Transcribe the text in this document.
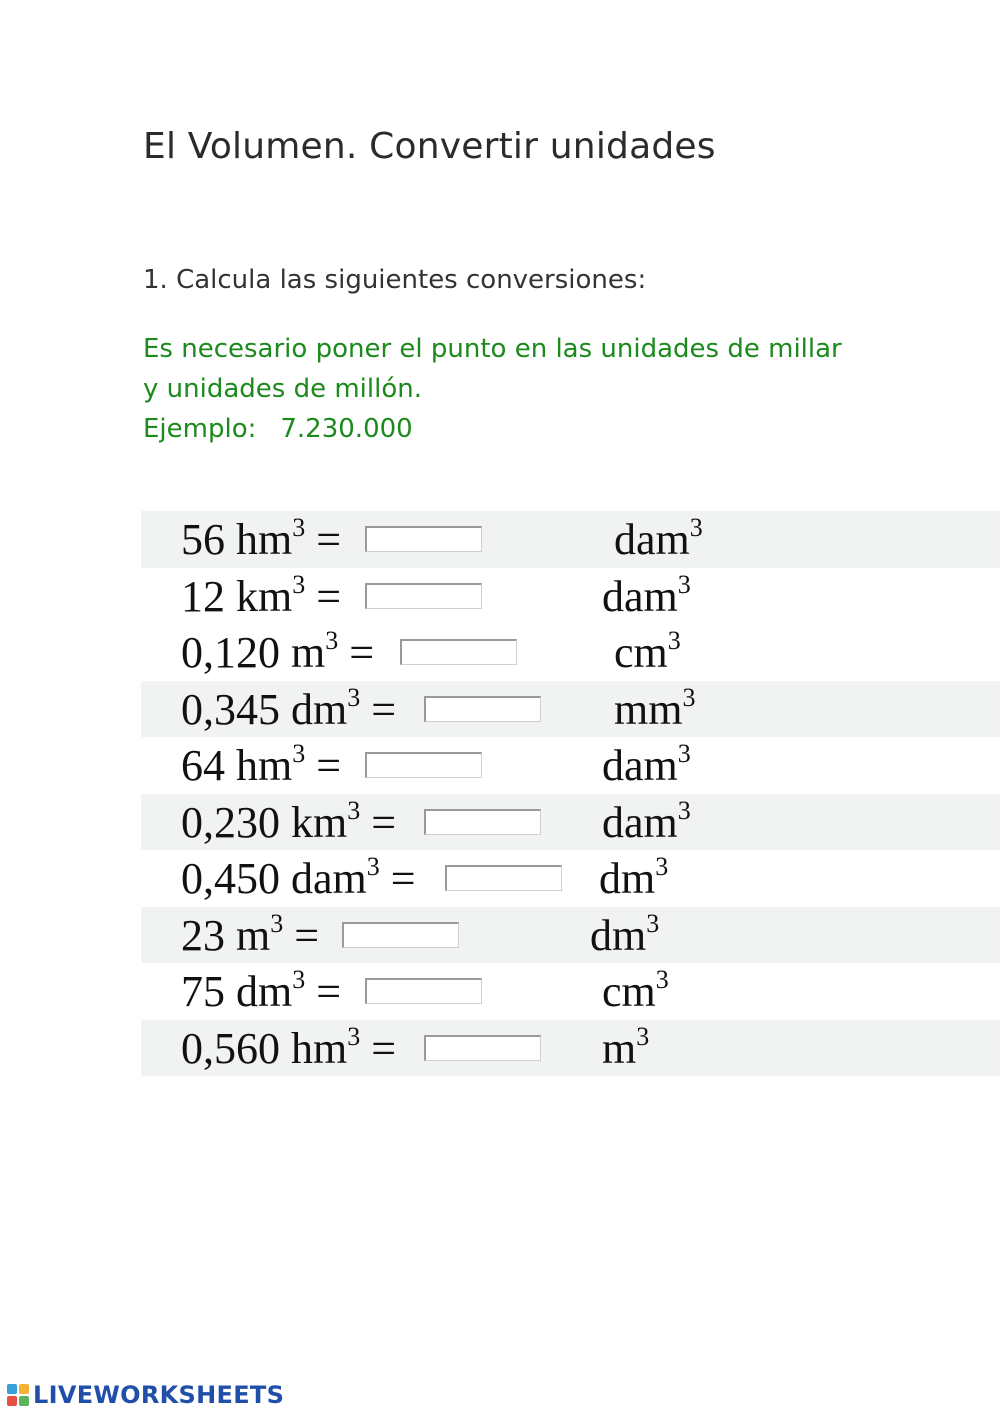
El Volumen. Convertir unidades
1. Calcula las siguientes conversiones:
Es necesario poner el punto en las unidades de millar
y unidades de millón.
Ejemplo: 7.230.000
56 $hm^3$ =	dam$^3$
12 $km^3$ =	dam$^3$
0,120 $m^3$ =	$cm^3$
0,345 $dm^3$ =	$mm^3$
64 $hm^3$ =	dam$^3$
0,230 $km^3$ =	dam$^3$
0,450 dam$^3$ =	$dm^3$
23 $m^3$ =	$dm^3$
75 $dm^3$ =	$cm^3$
0,560 $hm^3$ =	$m^3$
LIVEWORKSHEETS
